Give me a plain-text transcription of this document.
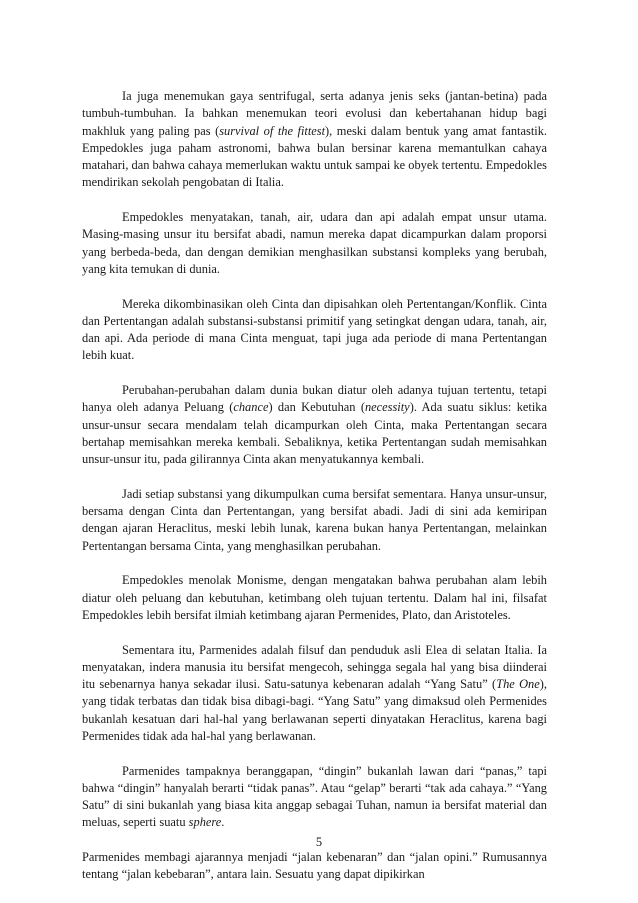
Ia juga menemukan gaya sentrifugal, serta adanya jenis seks (jantan-betina) pada tumbuh-tumbuhan. Ia bahkan menemukan teori evolusi dan kebertahanan hidup bagi makhluk yang paling pas (survival of the fittest), meski dalam bentuk yang amat fantastik. Empedokles juga paham astronomi, bahwa bulan bersinar karena memantulkan cahaya matahari, dan bahwa cahaya memerlukan waktu untuk sampai ke obyek tertentu. Empedokles mendirikan sekolah pengobatan di Italia.

Empedokles menyatakan, tanah, air, udara dan api adalah empat unsur utama. Masing-masing unsur itu bersifat abadi, namun mereka dapat dicampurkan dalam proporsi yang berbeda-beda, dan dengan demikian menghasilkan substansi kompleks yang berubah, yang kita temukan di dunia.

Mereka dikombinasikan oleh Cinta dan dipisahkan oleh Pertentangan/Konflik. Cinta dan Pertentangan adalah substansi-substansi primitif yang setingkat dengan udara, tanah, air, dan api. Ada periode di mana Cinta menguat, tapi juga ada periode di mana Pertentangan lebih kuat.

Perubahan-perubahan dalam dunia bukan diatur oleh adanya tujuan tertentu, tetapi hanya oleh adanya Peluang (chance) dan Kebutuhan (necessity). Ada suatu siklus: ketika unsur-unsur secara mendalam telah dicampurkan oleh Cinta, maka Pertentangan secara bertahap memisahkan mereka kembali. Sebaliknya, ketika Pertentangan sudah memisahkan unsur-unsur itu, pada gilirannya Cinta akan menyatukannya kembali.

Jadi setiap substansi yang dikumpulkan cuma bersifat sementara. Hanya unsur-unsur, bersama dengan Cinta dan Pertentangan, yang bersifat abadi. Jadi di sini ada kemiripan dengan ajaran Heraclitus, meski lebih lunak, karena bukan hanya Pertentangan, melainkan Pertentangan bersama Cinta, yang menghasilkan perubahan.

Empedokles menolak Monisme, dengan mengatakan bahwa perubahan alam lebih diatur oleh peluang dan kebutuhan, ketimbang oleh tujuan tertentu. Dalam hal ini, filsafat Empedokles lebih bersifat ilmiah ketimbang ajaran Permenides, Plato, dan Aristoteles.

Sementara itu, Parmenides adalah filsuf dan penduduk asli Elea di selatan Italia. Ia menyatakan, indera manusia itu bersifat mengecoh, sehingga segala hal yang bisa diinderai itu sebenarnya hanya sekadar ilusi. Satu-satunya kebenaran adalah “Yang Satu” (The One), yang tidak terbatas dan tidak bisa dibagi-bagi. “Yang Satu” yang dimaksud oleh Permenides bukanlah kesatuan dari hal-hal yang berlawanan seperti dinyatakan Heraclitus, karena bagi Permenides tidak ada hal-hal yang berlawanan.

Parmenides tampaknya beranggapan, “dingin” bukanlah lawan dari “panas,” tapi bahwa “dingin” hanyalah berarti “tidak panas”. Atau “gelap” berarti “tak ada cahaya.” “Yang Satu” di sini bukanlah yang biasa kita anggap sebagai Tuhan, namun ia bersifat material dan meluas, seperti suatu sphere.

Parmenides membagi ajarannya menjadi “jalan kebenaran” dan “jalan opini.” Rumusannya tentang “jalan kebebaran”, antara lain. Sesuatu yang dapat dipikirkan

5
